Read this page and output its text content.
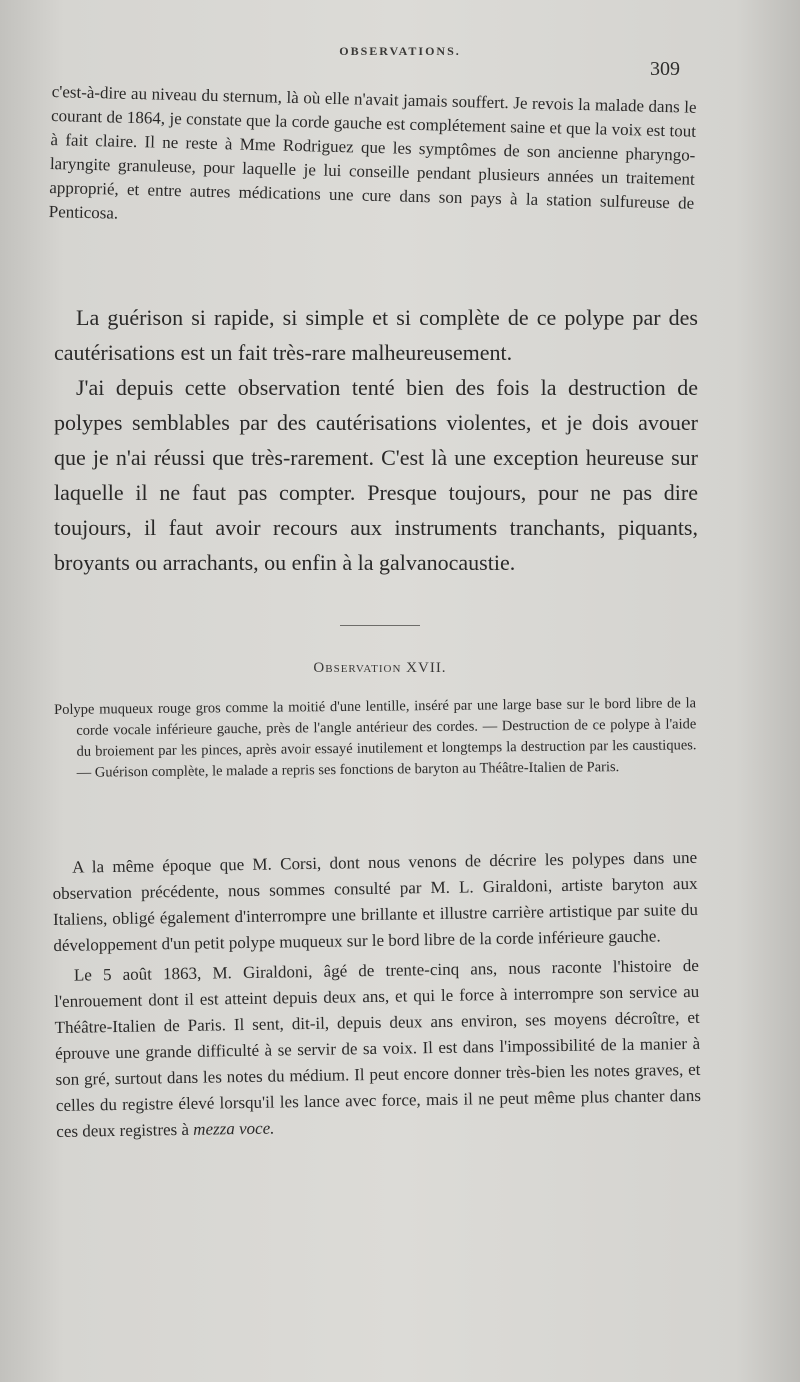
OBSERVATIONS.
309

c'est-à-dire au niveau du sternum, là où elle n'avait jamais souffert. Je revois la malade dans le courant de 1864, je constate que la corde gauche est complétement saine et que la voix est tout à fait claire. Il ne reste à Mme Rodriguez que les symptômes de son ancienne pharyngo-laryngite granuleuse, pour laquelle je lui conseille pendant plusieurs années un traitement approprié, et entre autres médications une cure dans son pays à la station sulfureuse de Penticosa.

La guérison si rapide, si simple et si complète de ce polype par des cautérisations est un fait très-rare malheureusement.

J'ai depuis cette observation tenté bien des fois la destruction de polypes semblables par des cautérisations violentes, et je dois avouer que je n'ai réussi que très-rarement. C'est là une exception heureuse sur laquelle il ne faut pas compter. Presque toujours, pour ne pas dire toujours, il faut avoir recours aux instruments tranchants, piquants, broyants ou arrachants, ou enfin à la galvanocaustie.

Observation XVII.

Polype muqueux rouge gros comme la moitié d'une lentille, inséré par une large base sur le bord libre de la corde vocale inférieure gauche, près de l'angle antérieur des cordes. — Destruction de ce polype à l'aide du broiement par les pinces, après avoir essayé inutilement et longtemps la destruction par les caustiques. — Guérison complète, le malade a repris ses fonctions de baryton au Théâtre-Italien de Paris.

A la même époque que M. Corsi, dont nous venons de décrire les polypes dans une observation précédente, nous sommes consulté par M. L. Giraldoni, artiste baryton aux Italiens, obligé également d'interrompre une brillante et illustre carrière artistique par suite du développement d'un petit polype muqueux sur le bord libre de la corde inférieure gauche.

Le 5 août 1863, M. Giraldoni, âgé de trente-cinq ans, nous raconte l'histoire de l'enrouement dont il est atteint depuis deux ans, et qui le force à interrompre son service au Théâtre-Italien de Paris. Il sent, dit-il, depuis deux ans environ, ses moyens décroître, et éprouve une grande difficulté à se servir de sa voix. Il est dans l'impossibilité de la manier à son gré, surtout dans les notes du médium. Il peut encore donner très-bien les notes graves, et celles du registre élevé lorsqu'il les lance avec force, mais il ne peut même plus chanter dans ces deux registres à mezza voce.
